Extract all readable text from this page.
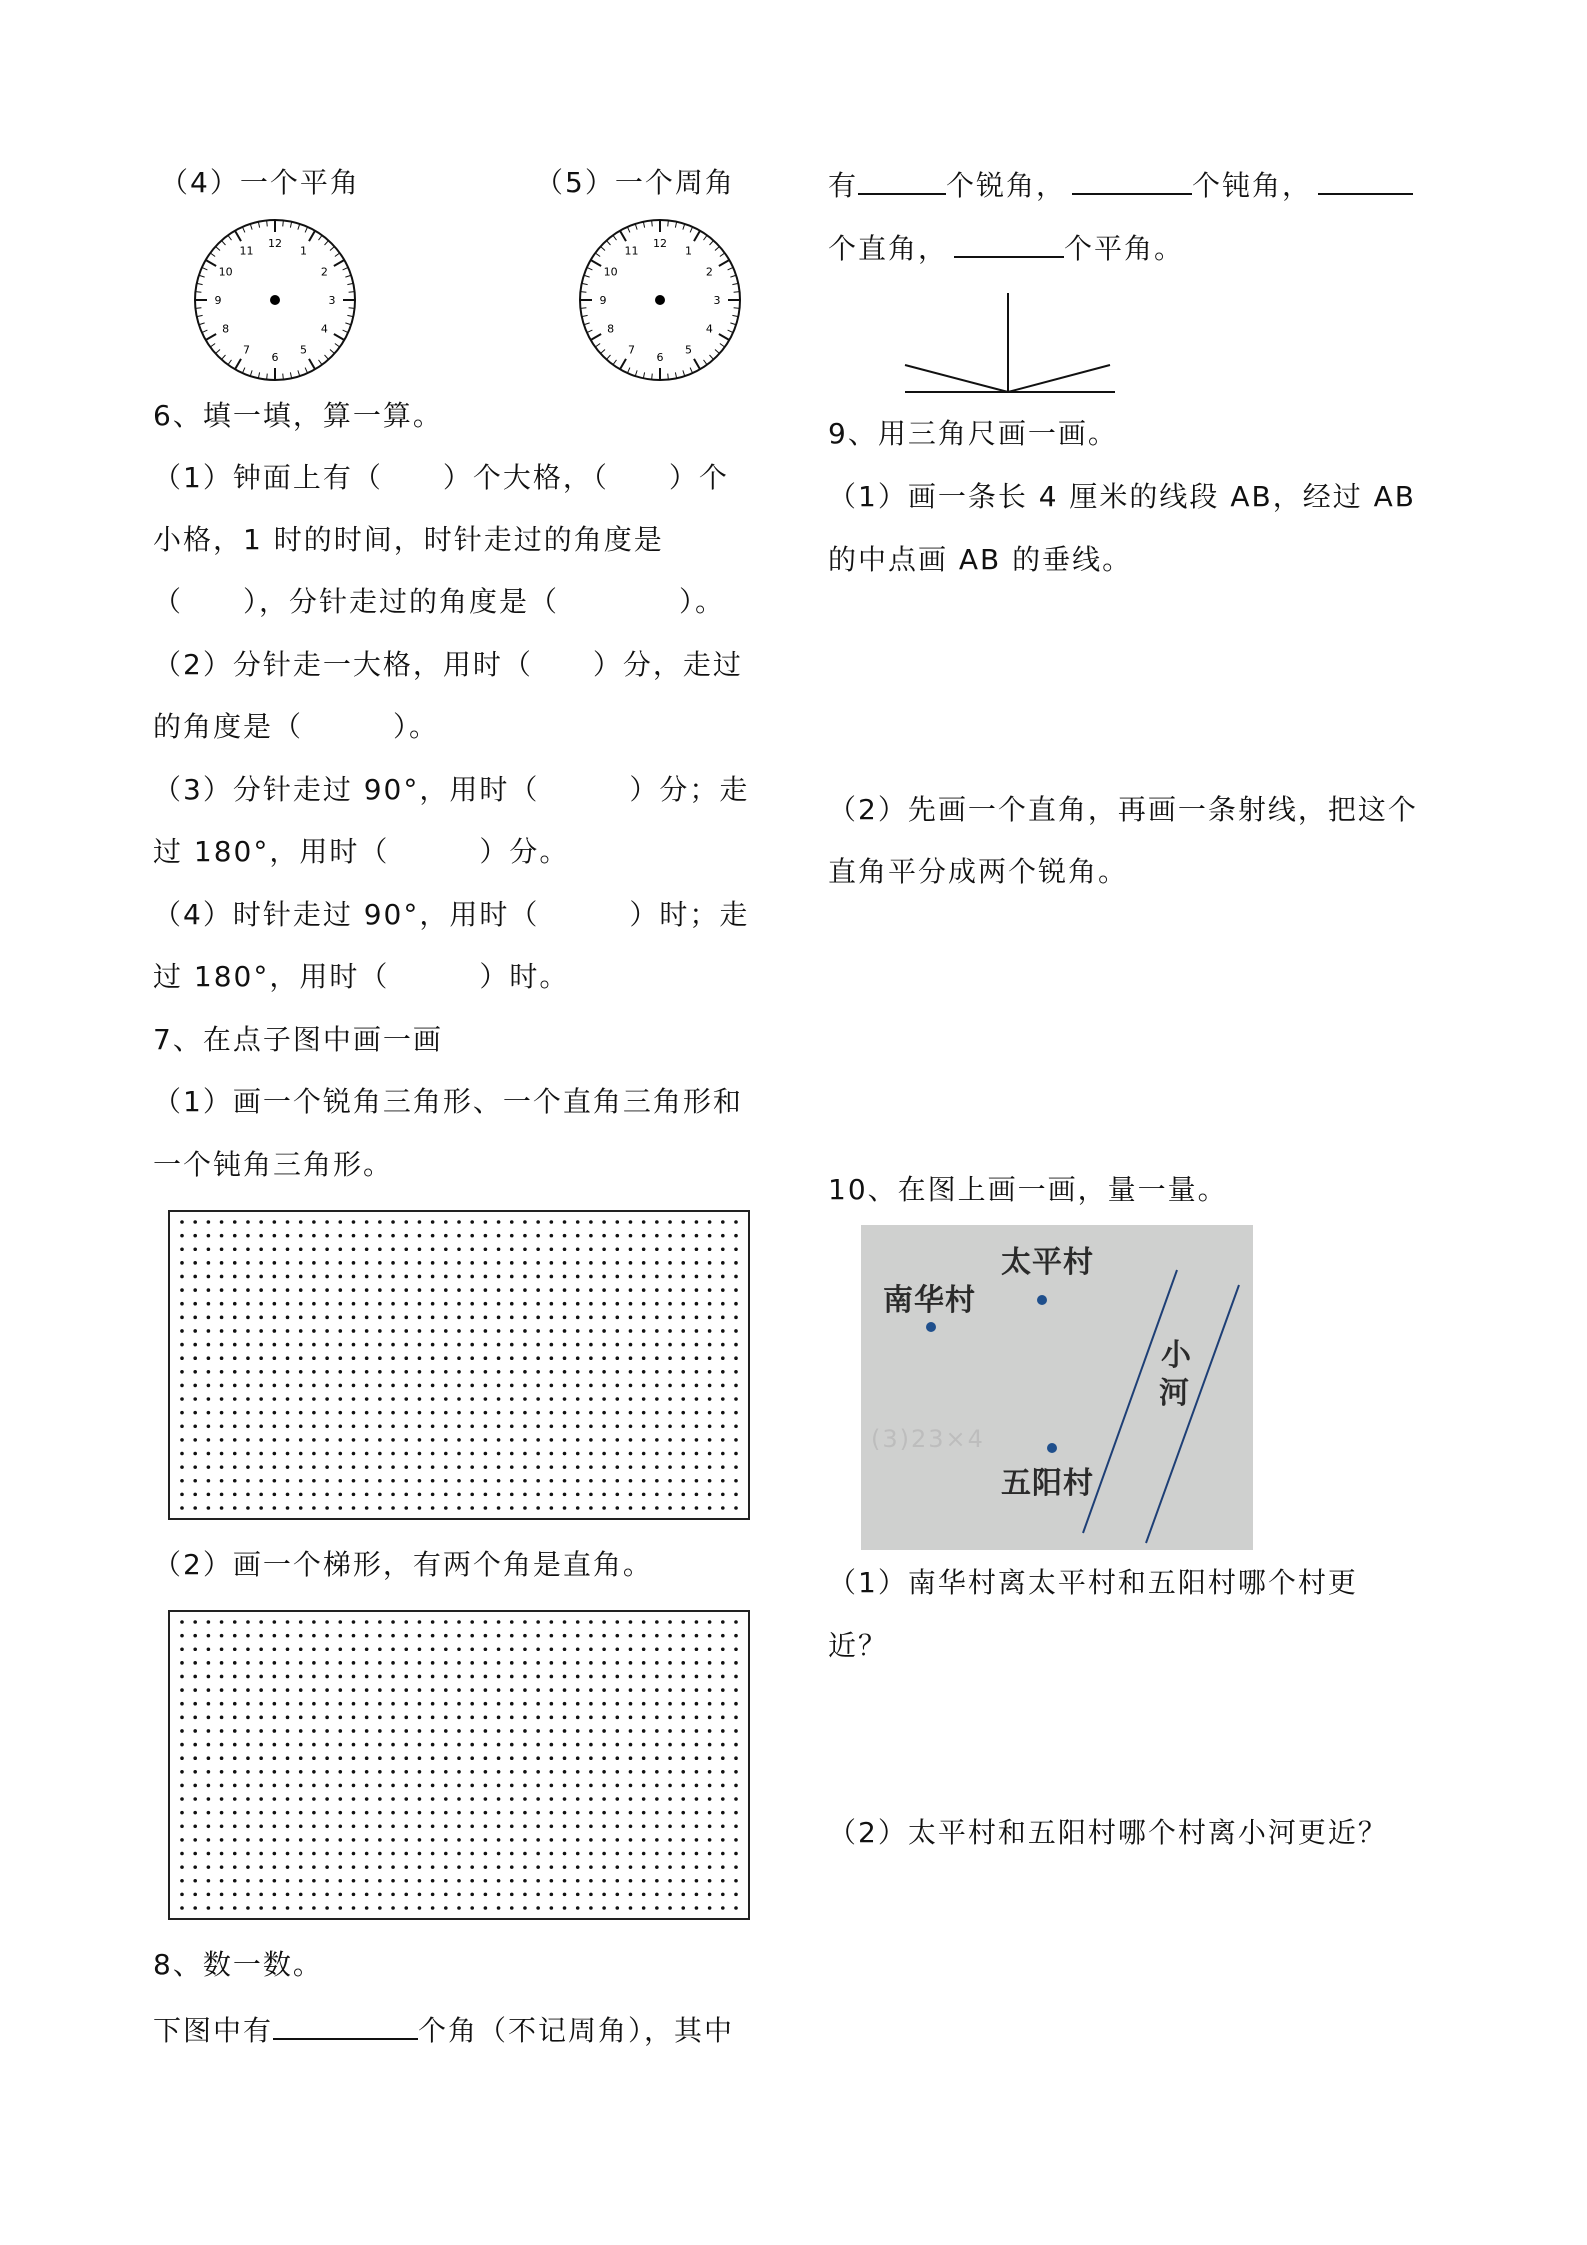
（4）一个平角	（5）一个周角
12
1
2
3
4
5
6
7
8
9
10
11
12
1
2
3
4
5
6
7
8
9
10
11
6、填一填，算一算。
（1）钟面上有（　　）个大格，（　　）个
小格，1 时的时间，时针走过的角度是
（　　），分针走过的角度是（　　　　）。
（2）分针走一大格，用时（　　）分，走过
的角度是（　　　）。
（3）分针走过 90°，用时（　　　）分；走
过 180°，用时（　　　）分。
（4）时针走过 90°，用时（　　　）时；走
过 180°，用时（　　　）时。
7、在点子图中画一画
（1）画一个锐角三角形、一个直角三角形和
一个钝角三角形。
（2）画一个梯形，有两个角是直角。
8、数一数。
下图中有	个角（不记周角），其中
有	个锐角，	个钝角，
个直角，	个平角。
9、用三角尺画一画。
（1）画一条长 4 厘米的线段 AB，经过 AB
的中点画 AB 的垂线。
（2）先画一个直角，再画一条射线，把这个
直角平分成两个锐角。
10、在图上画一画，量一量。
(3)23×4
南华村
太平村
五阳村
小
河
（1）南华村离太平村和五阳村哪个村更
近？
（2）太平村和五阳村哪个村离小河更近？
